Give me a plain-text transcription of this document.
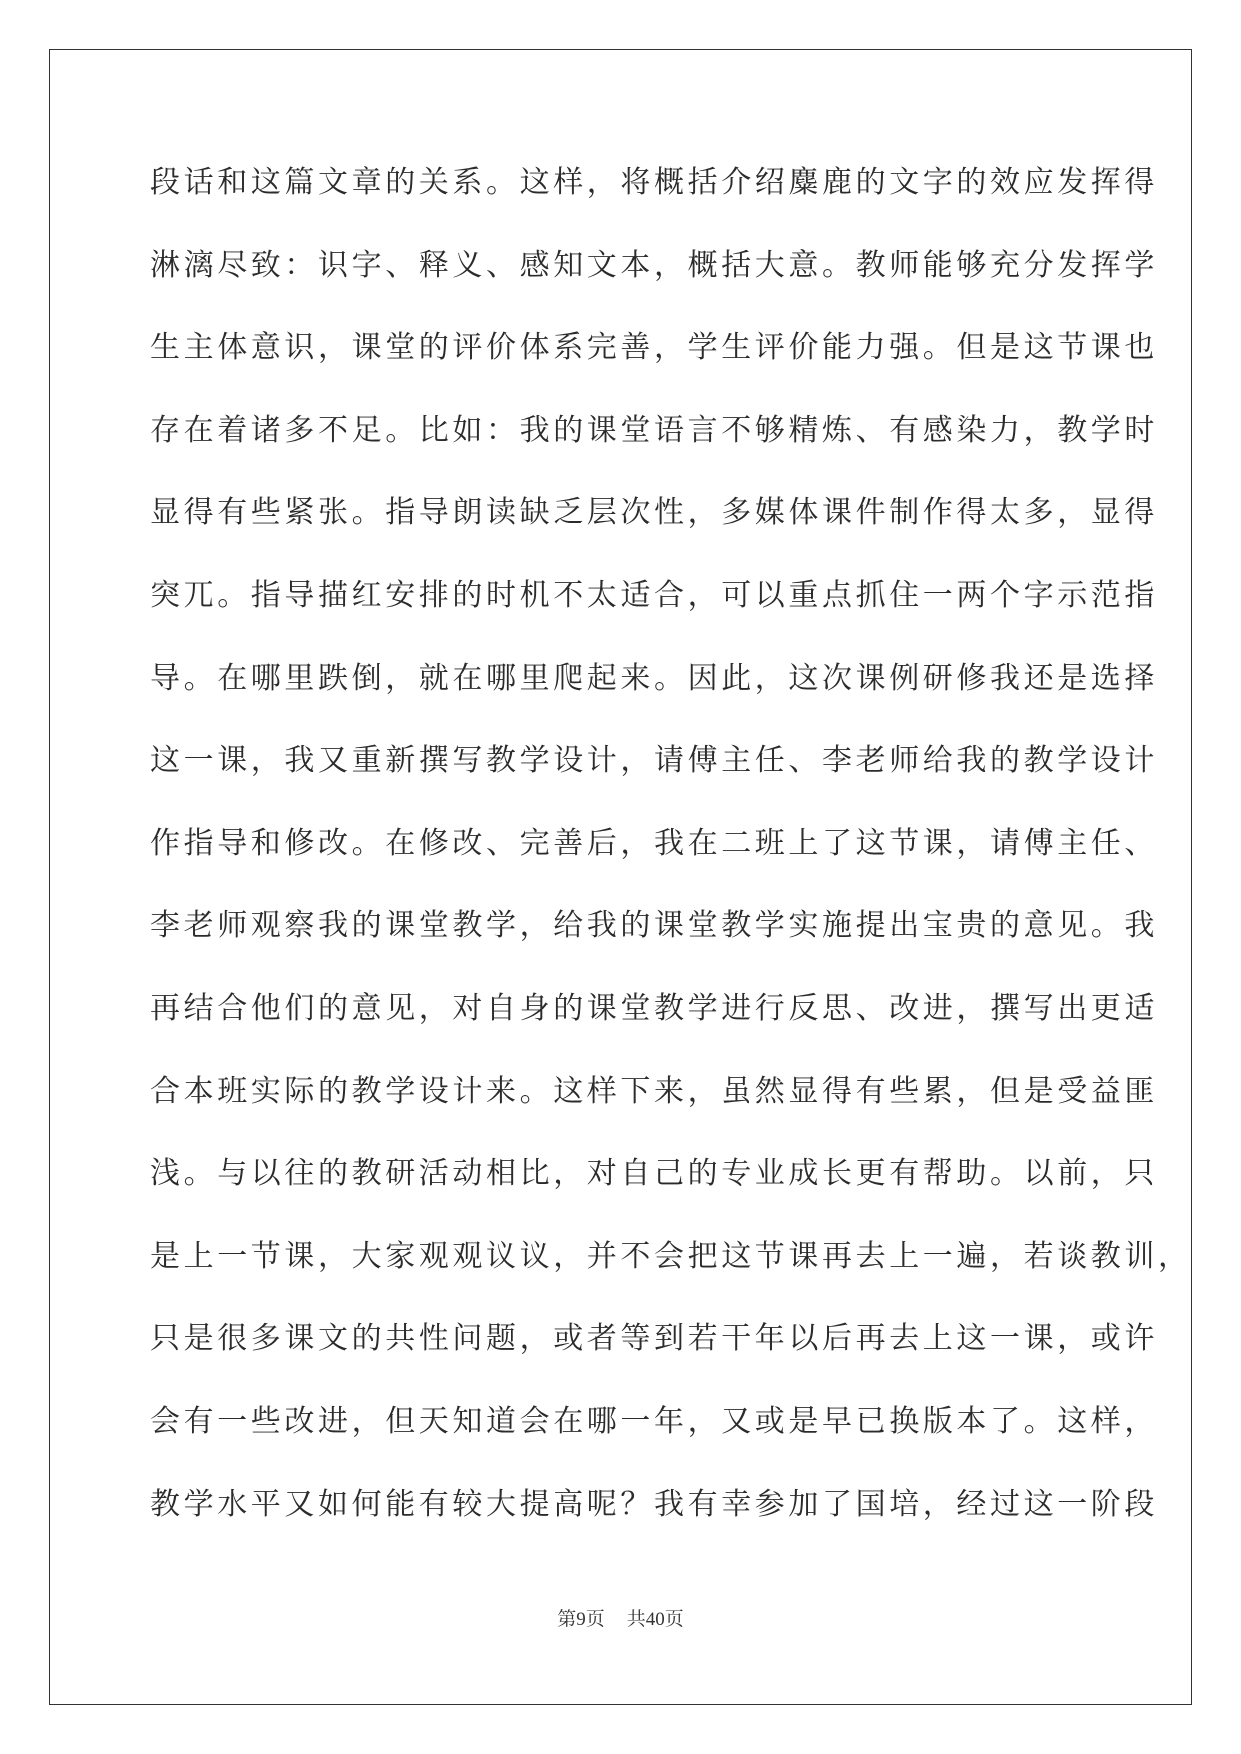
段话和这篇文章的关系。这样，将概括介绍麋鹿的文字的效应发挥得
淋漓尽致：识字、释义、感知文本，概括大意。教师能够充分发挥学
生主体意识，课堂的评价体系完善，学生评价能力强。但是这节课也
存在着诸多不足。比如：我的课堂语言不够精炼、有感染力，教学时
显得有些紧张。指导朗读缺乏层次性，多媒体课件制作得太多，显得
突兀。指导描红安排的时机不太适合，可以重点抓住一两个字示范指
导。在哪里跌倒，就在哪里爬起来。因此，这次课例研修我还是选择
这一课，我又重新撰写教学设计，请傅主任、李老师给我的教学设计
作指导和修改。在修改、完善后，我在二班上了这节课，请傅主任、
李老师观察我的课堂教学，给我的课堂教学实施提出宝贵的意见。我
再结合他们的意见，对自身的课堂教学进行反思、改进，撰写出更适
合本班实际的教学设计来。这样下来，虽然显得有些累，但是受益匪
浅。与以往的教研活动相比，对自己的专业成长更有帮助。以前，只
是上一节课，大家观观议议，并不会把这节课再去上一遍，若谈教训，
只是很多课文的共性问题，或者等到若干年以后再去上这一课，或许
会有一些改进，但天知道会在哪一年，又或是早已换版本了。这样，
教学水平又如何能有较大提高呢？我有幸参加了国培，经过这一阶段
第9页 共40页
